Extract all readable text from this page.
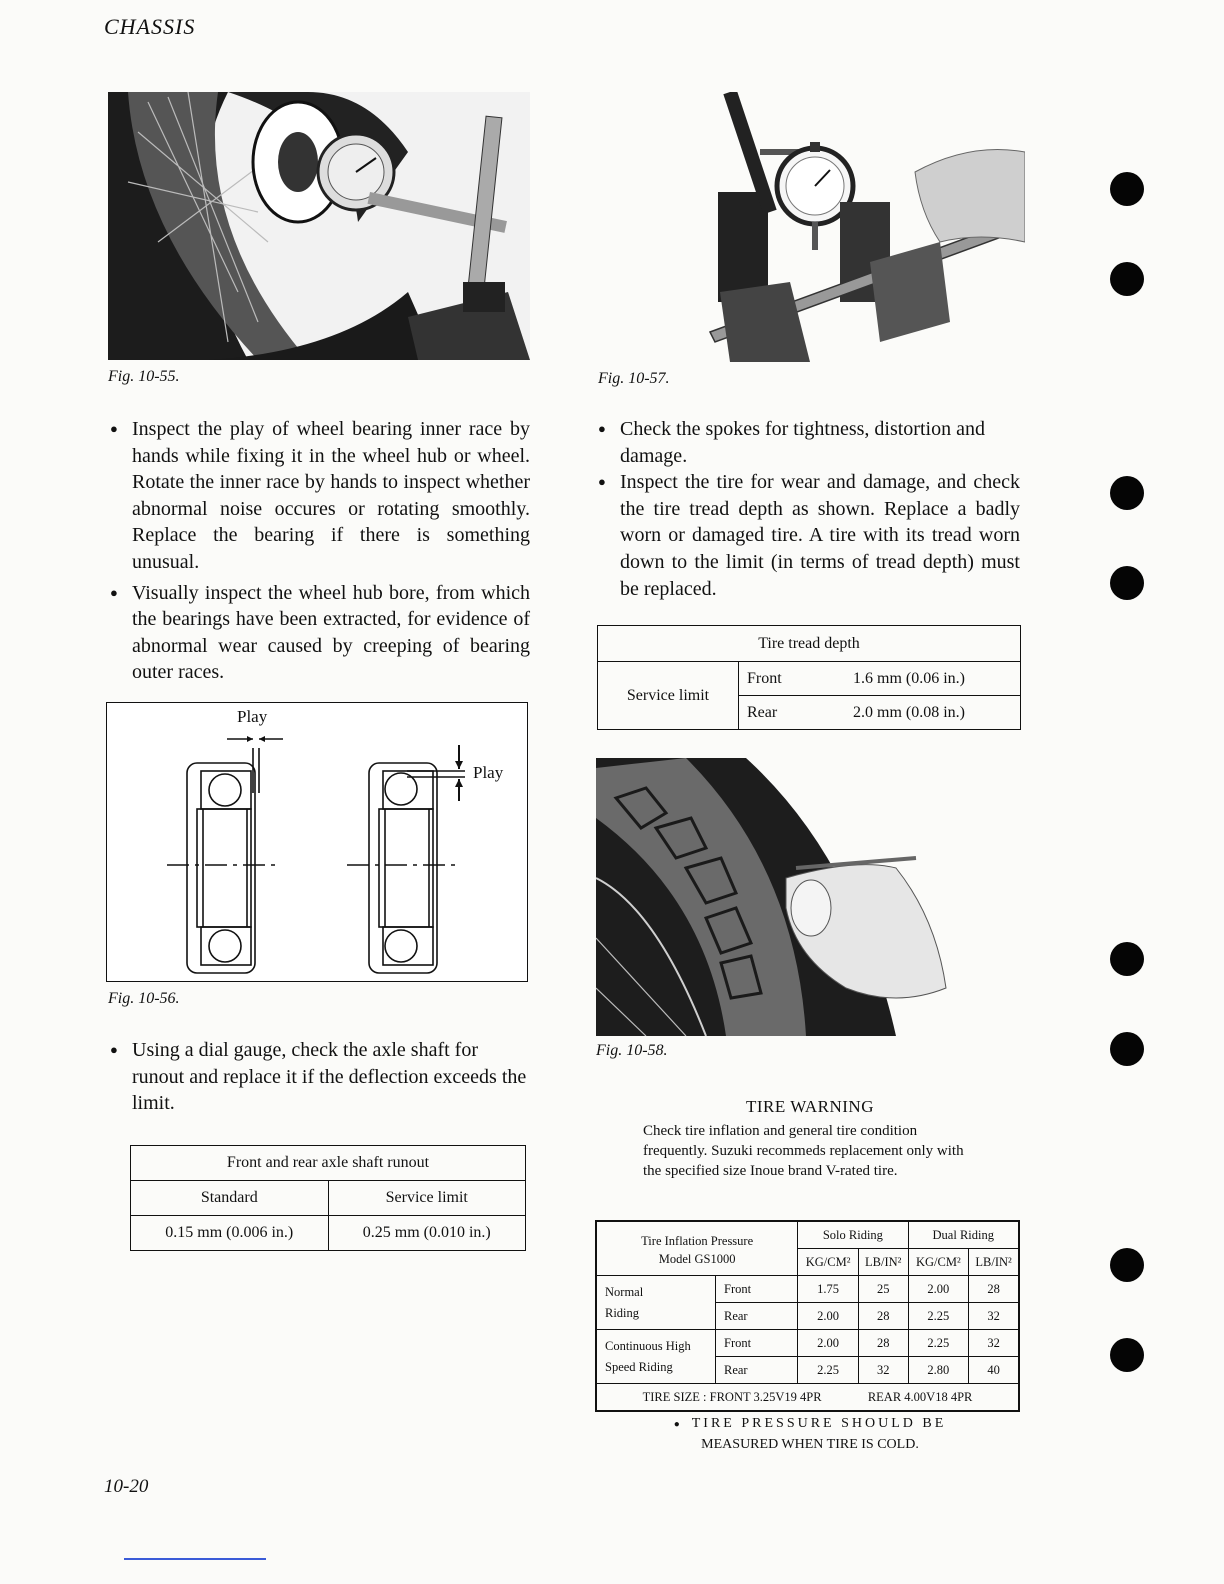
CHASSIS
Fig. 10-55.
● Inspect the play of wheel bearing inner race by hands while fixing it in the wheel hub or wheel. Rotate the inner race by hands to inspect whether abnormal noise occures or rotating smoothly. Replace the bearing if there is something unusual.
● Visually inspect the wheel hub bore, from which the bearings have been extracted, for evidence of abnormal wear caused by creeping of bearing outer races.
Play
Play
Fig. 10-56.
● Using a dial gauge, check the axle shaft for runout and replace it if the deflection exceeds the limit.
Front and rear axle shaft runout	
Standard	Service limit
0.15 mm (0.006 in.)	0.25 mm (0.010 in.)
Fig. 10-57.
● Check the spokes for tightness, distortion and damage.
● Inspect the tire for wear and damage, and check the tire tread depth as shown. Replace a badly worn or damaged tire. A tire with its tread worn down to the limit (in terms of tread depth) must be replaced.
Tire tread depth		
Service limit	Front	1.6 mm (0.06 in.)
	Rear	2.0 mm (0.08 in.)
Fig. 10-58.
TIRE WARNING
Check tire inflation and general tire condition frequently. Suzuki recommeds replacement only with the specified size Inoue brand V-rated tire.
Tire Inflation Pressure
Model GS1000		Solo Riding		Dual Riding	
		KG/CM²	LB/IN²	KG/CM²	LB/IN²

Normal
Riding	Front	1.75	25	2.00	28
	Rear	2.00	28	2.25	32

Continuous High
Speed Riding	Front	2.00	28	2.25	32
	Rear	2.25	32	2.80	40
TIRE SIZE : FRONT 3.25V19 4PR REAR 4.00V18 4PR					
● TIRE PRESSURE SHOULD BE
MEASURED WHEN TIRE IS COLD.
10-20
